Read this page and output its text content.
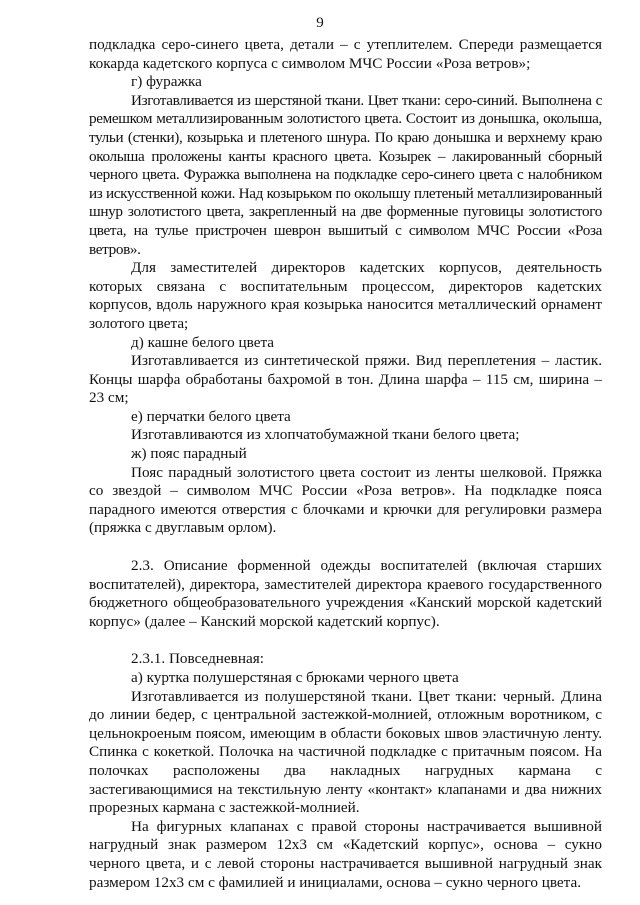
9

подкладка серо-синего цвета, детали – с утеплителем. Спереди размещается кокарда кадетского корпуса с символом МЧС России «Роза ветров»;

г) фуражка

Изготавливается из шерстяной ткани. Цвет ткани: серо-синий. Выполнена с ремешком металлизированным золотистого цвета. Состоит из донышка, околыша, тульи (стенки), козырька и плетеного шнура. По краю донышка и верхнему краю околыша проложены канты красного цвета. Козырек – лакированный сборный черного цвета. Фуражка выполнена на подкладке серо-синего цвета с налобником из искусственной кожи. Над козырьком по околышу плетеный металлизированный шнур золотистого цвета, закрепленный на две форменные пуговицы золотистого цвета, на тулье пристрочен шеврон вышитый с символом МЧС России «Роза ветров».

Для заместителей директоров кадетских корпусов, деятельность которых связана с воспитательным процессом, директоров кадетских корпусов, вдоль наружного края козырька наносится металлический орнамент золотого цвета;

д) кашне белого цвета

Изготавливается из синтетической пряжи. Вид переплетения – ластик. Концы шарфа обработаны бахромой в тон. Длина шарфа – 115 см, ширина – 23 см;

е) перчатки белого цвета

Изготавливаются из хлопчатобумажной ткани белого цвета;

ж) пояс парадный

Пояс парадный золотистого цвета состоит из ленты шелковой. Пряжка со звездой – символом МЧС России «Роза ветров». На подкладке пояса парадного имеются отверстия с блочками и крючки для регулировки размера (пряжка с двуглавым орлом).

2.3. Описание форменной одежды воспитателей (включая старших воспитателей), директора, заместителей директора краевого государственного бюджетного общеобразовательного учреждения «Канский морской кадетский корпус» (далее – Канский морской кадетский корпус).

2.3.1. Повседневная:

а) куртка полушерстяная с брюками черного цвета

Изготавливается из полушерстяной ткани. Цвет ткани: черный. Длина до линии бедер, с центральной застежкой-молнией, отложным воротником, с цельнокроеным поясом, имеющим в области боковых швов эластичную ленту. Спинка с кокеткой. Полочка на частичной подкладке с притачным поясом. На полочках расположены два накладных нагрудных кармана с застегивающимися на текстильную ленту «контакт» клапанами и два нижних прорезных кармана с застежкой-молнией.

На фигурных клапанах с правой стороны настрачивается вышивной нагрудный знак размером 12х3 см «Кадетский корпус», основа – сукно черного цвета, и с левой стороны настрачивается вышивной нагрудный знак размером 12х3 см с фамилией и инициалами, основа – сукно черного цвета.
